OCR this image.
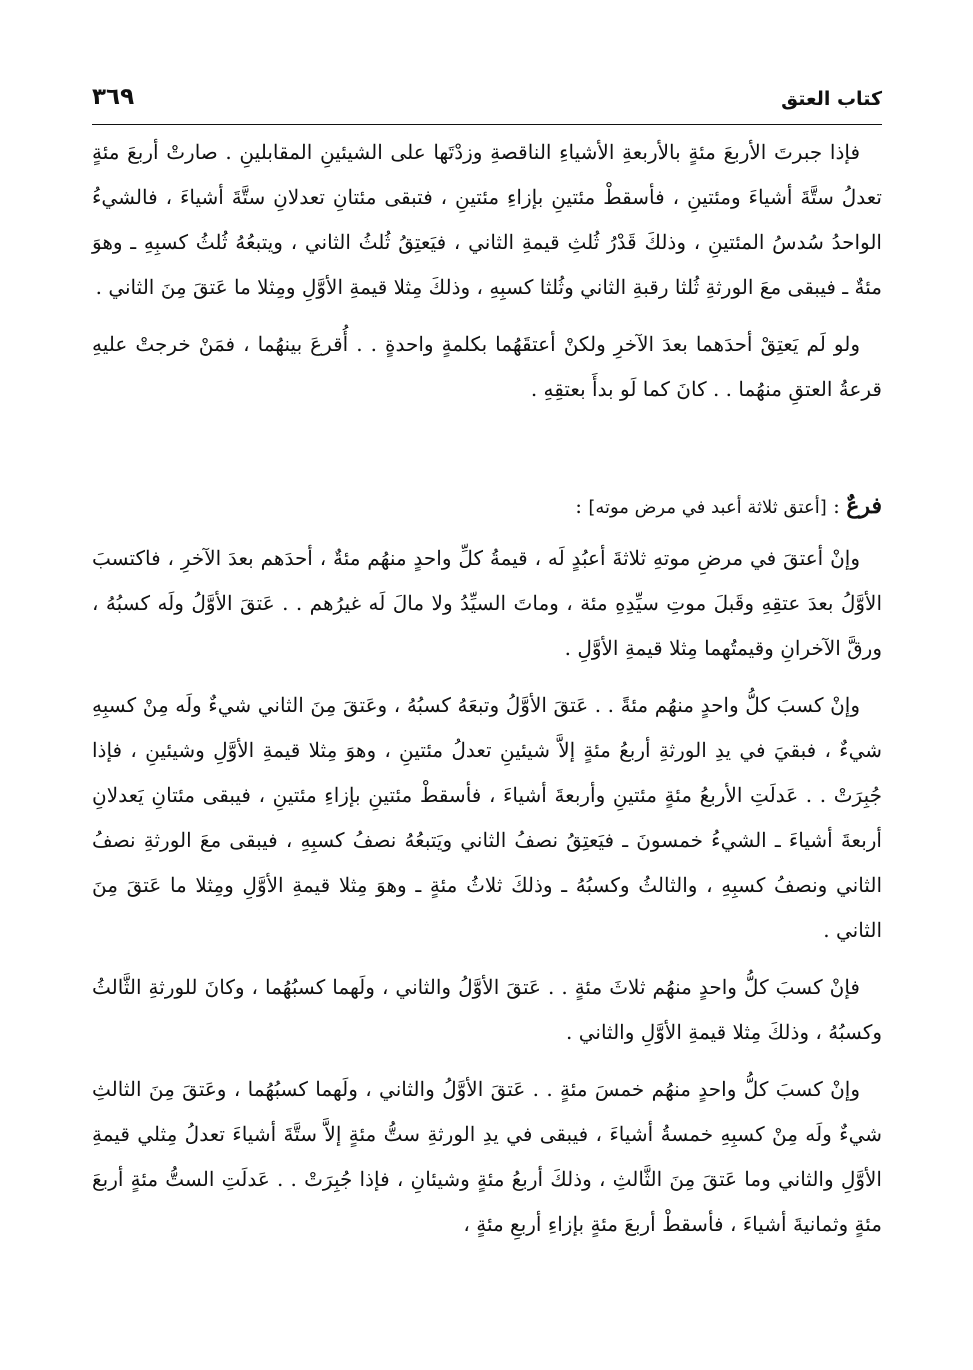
كتاب العتق
٣٦٩

فإذا جبرتَ الأربعَ مئةٍ بالأربعةِ الأشياءِ الناقصةِ وزدْتَها على الشيئينِ المقابلينِ . صارتْ أربعَ مئةٍ تعدلُ ستَّةَ أشياءَ ومئتينِ ، فأسقطْ مئتينِ بإزاءِ مئتينِ ، فتبقى مئتانِ تعدلانِ ستَّةَ أشياءَ ، فالشيءُ الواحدُ سُدسُ المئتينِ ، وذلكَ قَدْرُ ثُلثِ قيمةِ الثاني ، فيَعتِقُ ثُلثُ الثاني ، ويتبعُهُ ثُلثُ كسبِهِ ـ وهوَ مئةٌ ـ فيبقى معَ الورثةِ ثُلثا رقبةِ الثاني وثُلثا كسبِهِ ، وذلكَ مِثلا قيمةِ الأوَّلِ ومِثلا ما عَتقَ مِنَ الثاني .

ولو لَم يَعتِقْ أحدَهما بعدَ الآخرِ ولكنْ أعتقَهُما بكلمةٍ واحدةٍ . . أُقرعَ بينهُما ، فمَنْ خرجتْ عليهِ قرعةُ العتقِ منهُما . . كانَ كما لَو بدأَ بعتقِهِ .

فرعٌ : [أعتق ثلاثة أعبد في مرض موته] :

وإنْ أعتقَ في مرضِ موتهِ ثلاثةَ أعبُدٍ لَه ، قيمةُ كلِّ واحدٍ منهُم مئةٌ ، أحدَهم بعدَ الآخرِ ، فاكتسبَ الأوَّلُ بعدَ عتقِهِ وقَبلَ موتِ سيِّدِهِ مئة ، وماتَ السيِّدُ ولا مالَ لَه غيرُهم . . عَتقَ الأوَّلُ ولَه كسبُهُ ، ورقَّ الآخرانِ وقيمتُهما مِثلا قيمةِ الأوَّلِ .

وإنْ كسبَ كلُّ واحدٍ منهُم مئةً . . عَتقَ الأوَّلُ وتبعَهُ كسبُهُ ، وعَتقَ مِنَ الثاني شيءٌ ولَه مِنْ كسبِهِ شيءٌ ، فبقيَ في يدِ الورثةِ أربعُ مئةٍ إلاَّ شيئينِ تعدلُ مئتينِ ، وهوَ مِثلا قيمةِ الأوَّلِ وشيئينِ ، فإذا جُبِرَتْ . . عَدلَتِ الأربعُ مئةٍ مئتينِ وأربعةَ أشياءَ ، فأسقطْ مئتينِ بإزاءِ مئتينِ ، فيبقى مئتانِ يَعدلانِ أربعةَ أشياءَ ـ الشيءُ خمسونَ ـ فيَعتِقُ نصفُ الثاني ويَتبعُهُ نصفُ كسبِهِ ، فيبقى معَ الورثةِ نصفُ الثاني ونصفُ كسبِهِ ، والثالثُ وكسبُهُ ـ وذلكَ ثلاثُ مئةٍ ـ وهوَ مِثلا قيمةِ الأوَّلِ ومِثلا ما عَتقَ مِنَ الثاني .

فإنْ كسبَ كلُّ واحدٍ منهُم ثلاثَ مئةٍ . . عَتقَ الأوَّلُ والثاني ، ولَهما كسبُهُما ، وكانَ للورثةِ الثَّالثُ وكسبُهُ ، وذلكَ مِثلا قيمةِ الأوَّلِ والثاني .

وإنْ كسبَ كلُّ واحدٍ منهُم خمسَ مئةٍ . . عَتقَ الأوَّلُ والثاني ، ولَهما كسبُهُما ، وعَتقَ مِنَ الثالثِ شيءٌ ولَه مِنْ كسبِهِ خمسةُ أشياءَ ، فيبقى في يدِ الورثةِ ستُّ مئةٍ إلاَّ ستَّةَ أشياءَ تعدلُ مِثلي قيمةِ الأوَّلِ والثاني وما عَتقَ مِنَ الثَّالثِ ، وذلكَ أربعُ مئةٍ وشيئانِ ، فإذا جُبِرَتْ . . عَدلَتِ الستُّ مئةٍ أربعَ مئةٍ وثمانيةَ أشياءَ ، فأسقطْ أربعَ مئةٍ بإزاءِ أربعِ مئةٍ ،
